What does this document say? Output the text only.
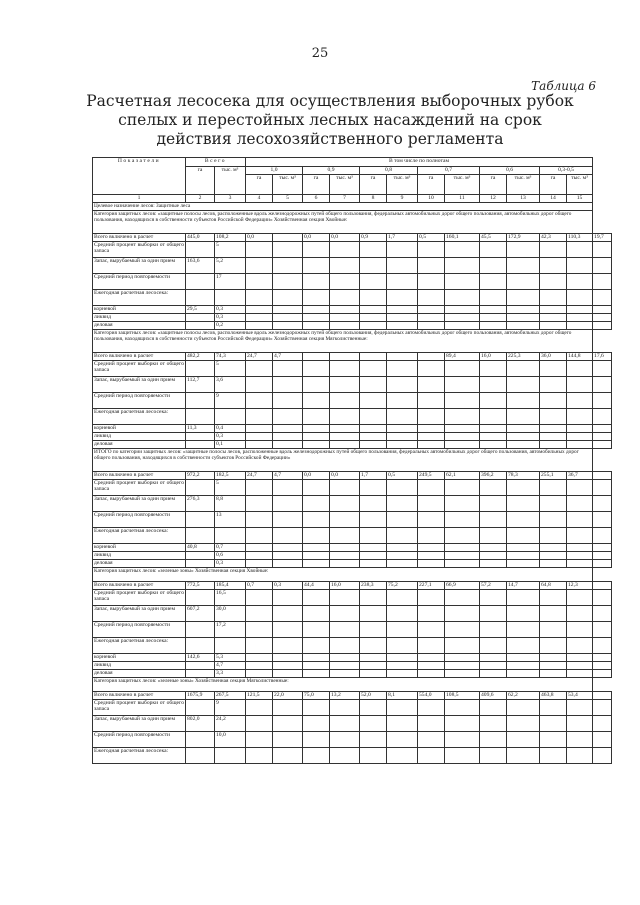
25
Таблица 6
Расчетная лесосека для осуществления выборочных рубок спелых и перестойных лесных насаждений на срок действия лесохозяйственного регламента
Показатели	Всего		В том числе по полнотам												
	га	тыс. м³	1,0		0,9		0,8		0,7		0,6		0,3-0,5		
			га	тыс. м³	га	тыс. м³	га	тыс. м³	га	тыс. м³	га	тыс. м³	га	тыс. м³	
1	2	3	4	5	6	7	8	9	10	11	12	13	14	15	
Целевое назначение лесов: Защитные леса															
Категория защитных лесов: «защитные полосы лесов, расположенные вдоль железнодорожных путей общего пользования, федеральных автомобильных дорог общего пользования, автомобильных дорог общего пользования, находящихся в собственности субъектов Российской Федерации» Хозяйственная секция Хвойные:															
Всего включено в расчет	445,0	108,2	0,0		0,0	0,0	0,9	1,7	0,5	160,1	45,5	172,9	42,3	110,3	19,7
Средний процент выборки от общего запаса		5													
Запас, вырубаемый за один прием	163,6	5,2													
Средний период повторяемости		17													
Ежегодная расчетная лесосека:															
корневой	29,5	0,3													
ликвид		0,3													
деловая		0,2													
Категория защитных лесов: «защитные полосы лесов, расположенные вдоль железнодорожных путей общего пользования, федеральных автомобильных дорог общего пользования, автомобильных дорог общего пользования, находящихся в собственности субъектов Российской Федерации» Хозяйственная секция Мягколиственные:															
Всего включено в расчет	482,2	74,3	24,7	4,7						89,4	16,0	225,3	36,0	144,8	17,6
Средний процент выборки от общего запаса		5													
Запас, вырубаемый за один прием	112,7	3,6													
Средний период повторяемости		9													
Ежегодная расчетная лесосека:															
корневой	11,3	0,4													
ликвид		0,3													
деловая		0,1													
ИТОГО по категории защитных лесов: «защитные полосы лесов, расположенные вдоль железнодорожных путей общего пользования, федеральных автомобильных дорог общего пользования, автомобильных дорог общего пользования, находящихся в собственности субъектов Российской Федерации»															
Всего включено в расчет	972,2	182,5	24,7	4,7	0,0	0,0	1,7	0,5	249,5	62,1	396,2	78,3	255,1	36,7	
Средний процент выборки от общего запаса		5													
Запас, вырубаемый за один прием	276,3	8,8													
Средний период повторяемости		13													
Ежегодная расчетная лесосека:															
корневой	40,8	0,7													
ликвид		0,6													
деловая		0,3													
Категория защитных лесов: «зеленые зоны» Хозяйственная секция Хвойные:															
Всего включено в расчет	772,5	185,4	0,7	0,3	44,4	16,0	238,3	75,2	227,1	66,9	57,2	14,7	64,8	12,3	
Средний процент выборки от общего запаса		16,5													
Запас, вырубаемый за один прием	607,2	30,0													
Средний период повторяемости		17,2													
Ежегодная расчетная лесосека:															
корневой	142,6	5,3													
ликвид		4,7													
деловая		3,3													
Категория защитных лесов: «зеленые зоны» Хозяйственная секция Мягколиственные:															
Всего включено в расчет	1675,9	267,5	121,5	22,0	75,0	13,2	52,0	8,1	554,0	108,5	409,6	62,2	463,8	53,4	
Средний процент выборки от общего запаса		9													
Запас, вырубаемый за один прием	802,0	24,2													
Средний период повторяемости		10,0													
Ежегодная расчетная лесосека:															
